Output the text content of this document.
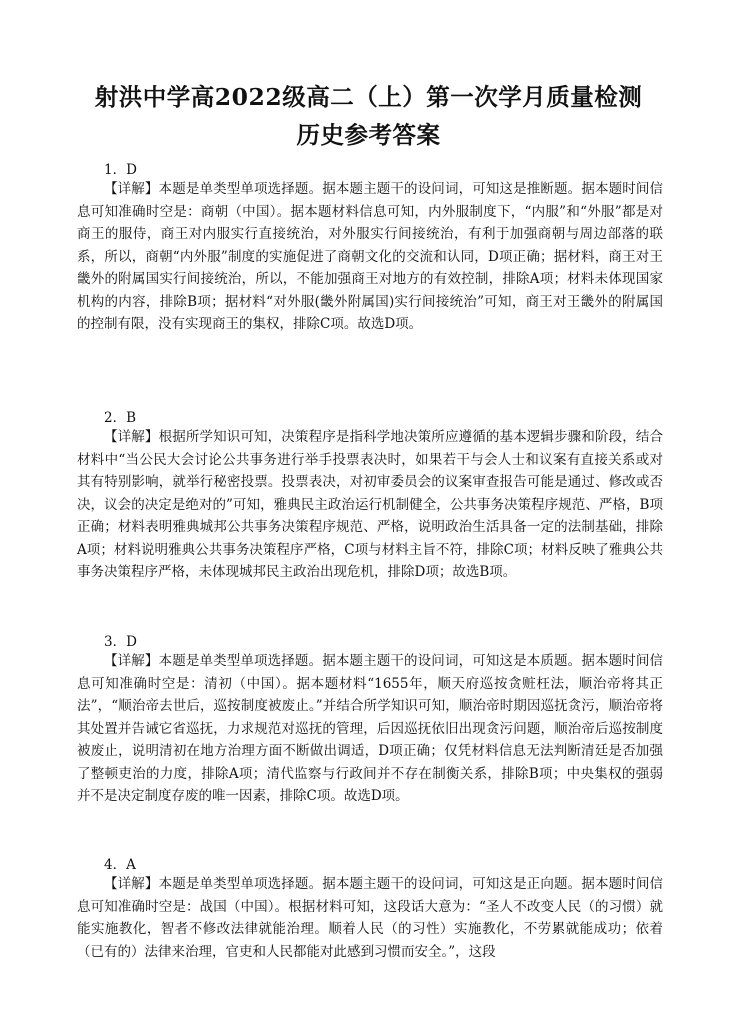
射洪中学高2022级高二（上）第一次学月质量检测
历史参考答案
1．D

【详解】本题是单类型单项选择题。据本题主题干的设问词，可知这是推断题。据本题时间信息可知准确时空是：商朝（中国）。据本题材料信息可知，内外服制度下，“内服”和“外服”都是对商王的服侍，商王对内服实行直接统治，对外服实行间接统治，有利于加强商朝与周边部落的联系，所以，商朝“内外服”制度的实施促进了商朝文化的交流和认同，D项正确；据材料，商王对王畿外的附属国实行间接统治，所以，不能加强商王对地方的有效控制，排除A项；材料未体现国家机构的内容，排除B项；据材料“对外服(畿外附属国)实行间接统治”可知，商王对王畿外的附属国的控制有限，没有实现商王的集权，排除C项。故选D项。

2．B

【详解】根据所学知识可知，决策程序是指科学地决策所应遵循的基本逻辑步骤和阶段，结合材料中“当公民大会讨论公共事务进行举手投票表决时，如果若干与会人士和议案有直接关系或对其有特别影响，就举行秘密投票。投票表决，对初审委员会的议案审查报告可能是通过、修改或否决，议会的决定是绝对的”可知，雅典民主政治运行机制健全，公共事务决策程序规范、严格，B项正确；材料表明雅典城邦公共事务决策程序规范、严格，说明政治生活具备一定的法制基础，排除A项；材料说明雅典公共事务决策程序严格，C项与材料主旨不符，排除C项；材料反映了雅典公共事务决策程序严格，未体现城邦民主政治出现危机，排除D项；故选B项。

3．D

【详解】本题是单类型单项选择题。据本题主题干的设问词，可知这是本质题。据本题时间信息可知准确时空是：清初（中国）。据本题材料“1655年，顺天府巡按贪赃枉法，顺治帝将其正法”，“顺治帝去世后，巡按制度被废止。”并结合所学知识可知，顺治帝时期因巡抚贪污，顺治帝将其处置并告诫它省巡抚，力求规范对巡抚的管理，后因巡抚依旧出现贪污问题，顺治帝后巡按制度被废止，说明清初在地方治理方面不断做出调适，D项正确；仅凭材料信息无法判断清廷是否加强了整顿吏治的力度，排除A项；清代监察与行政间并不存在制衡关系，排除B项；中央集权的强弱并不是决定制度存废的唯一因素，排除C项。故选D项。

4．A

【详解】本题是单类型单项选择题。据本题主题干的设问词，可知这是正向题。据本题时间信息可知准确时空是：战国（中国）。根据材料可知，这段话大意为：“圣人不改变人民（的习惯）就能实施教化，智者不修改法律就能治理。顺着人民（的习性）实施教化，不劳累就能成功；依着（已有的）法律来治理，官吏和人民都能对此感到习惯而安全。”，这段
